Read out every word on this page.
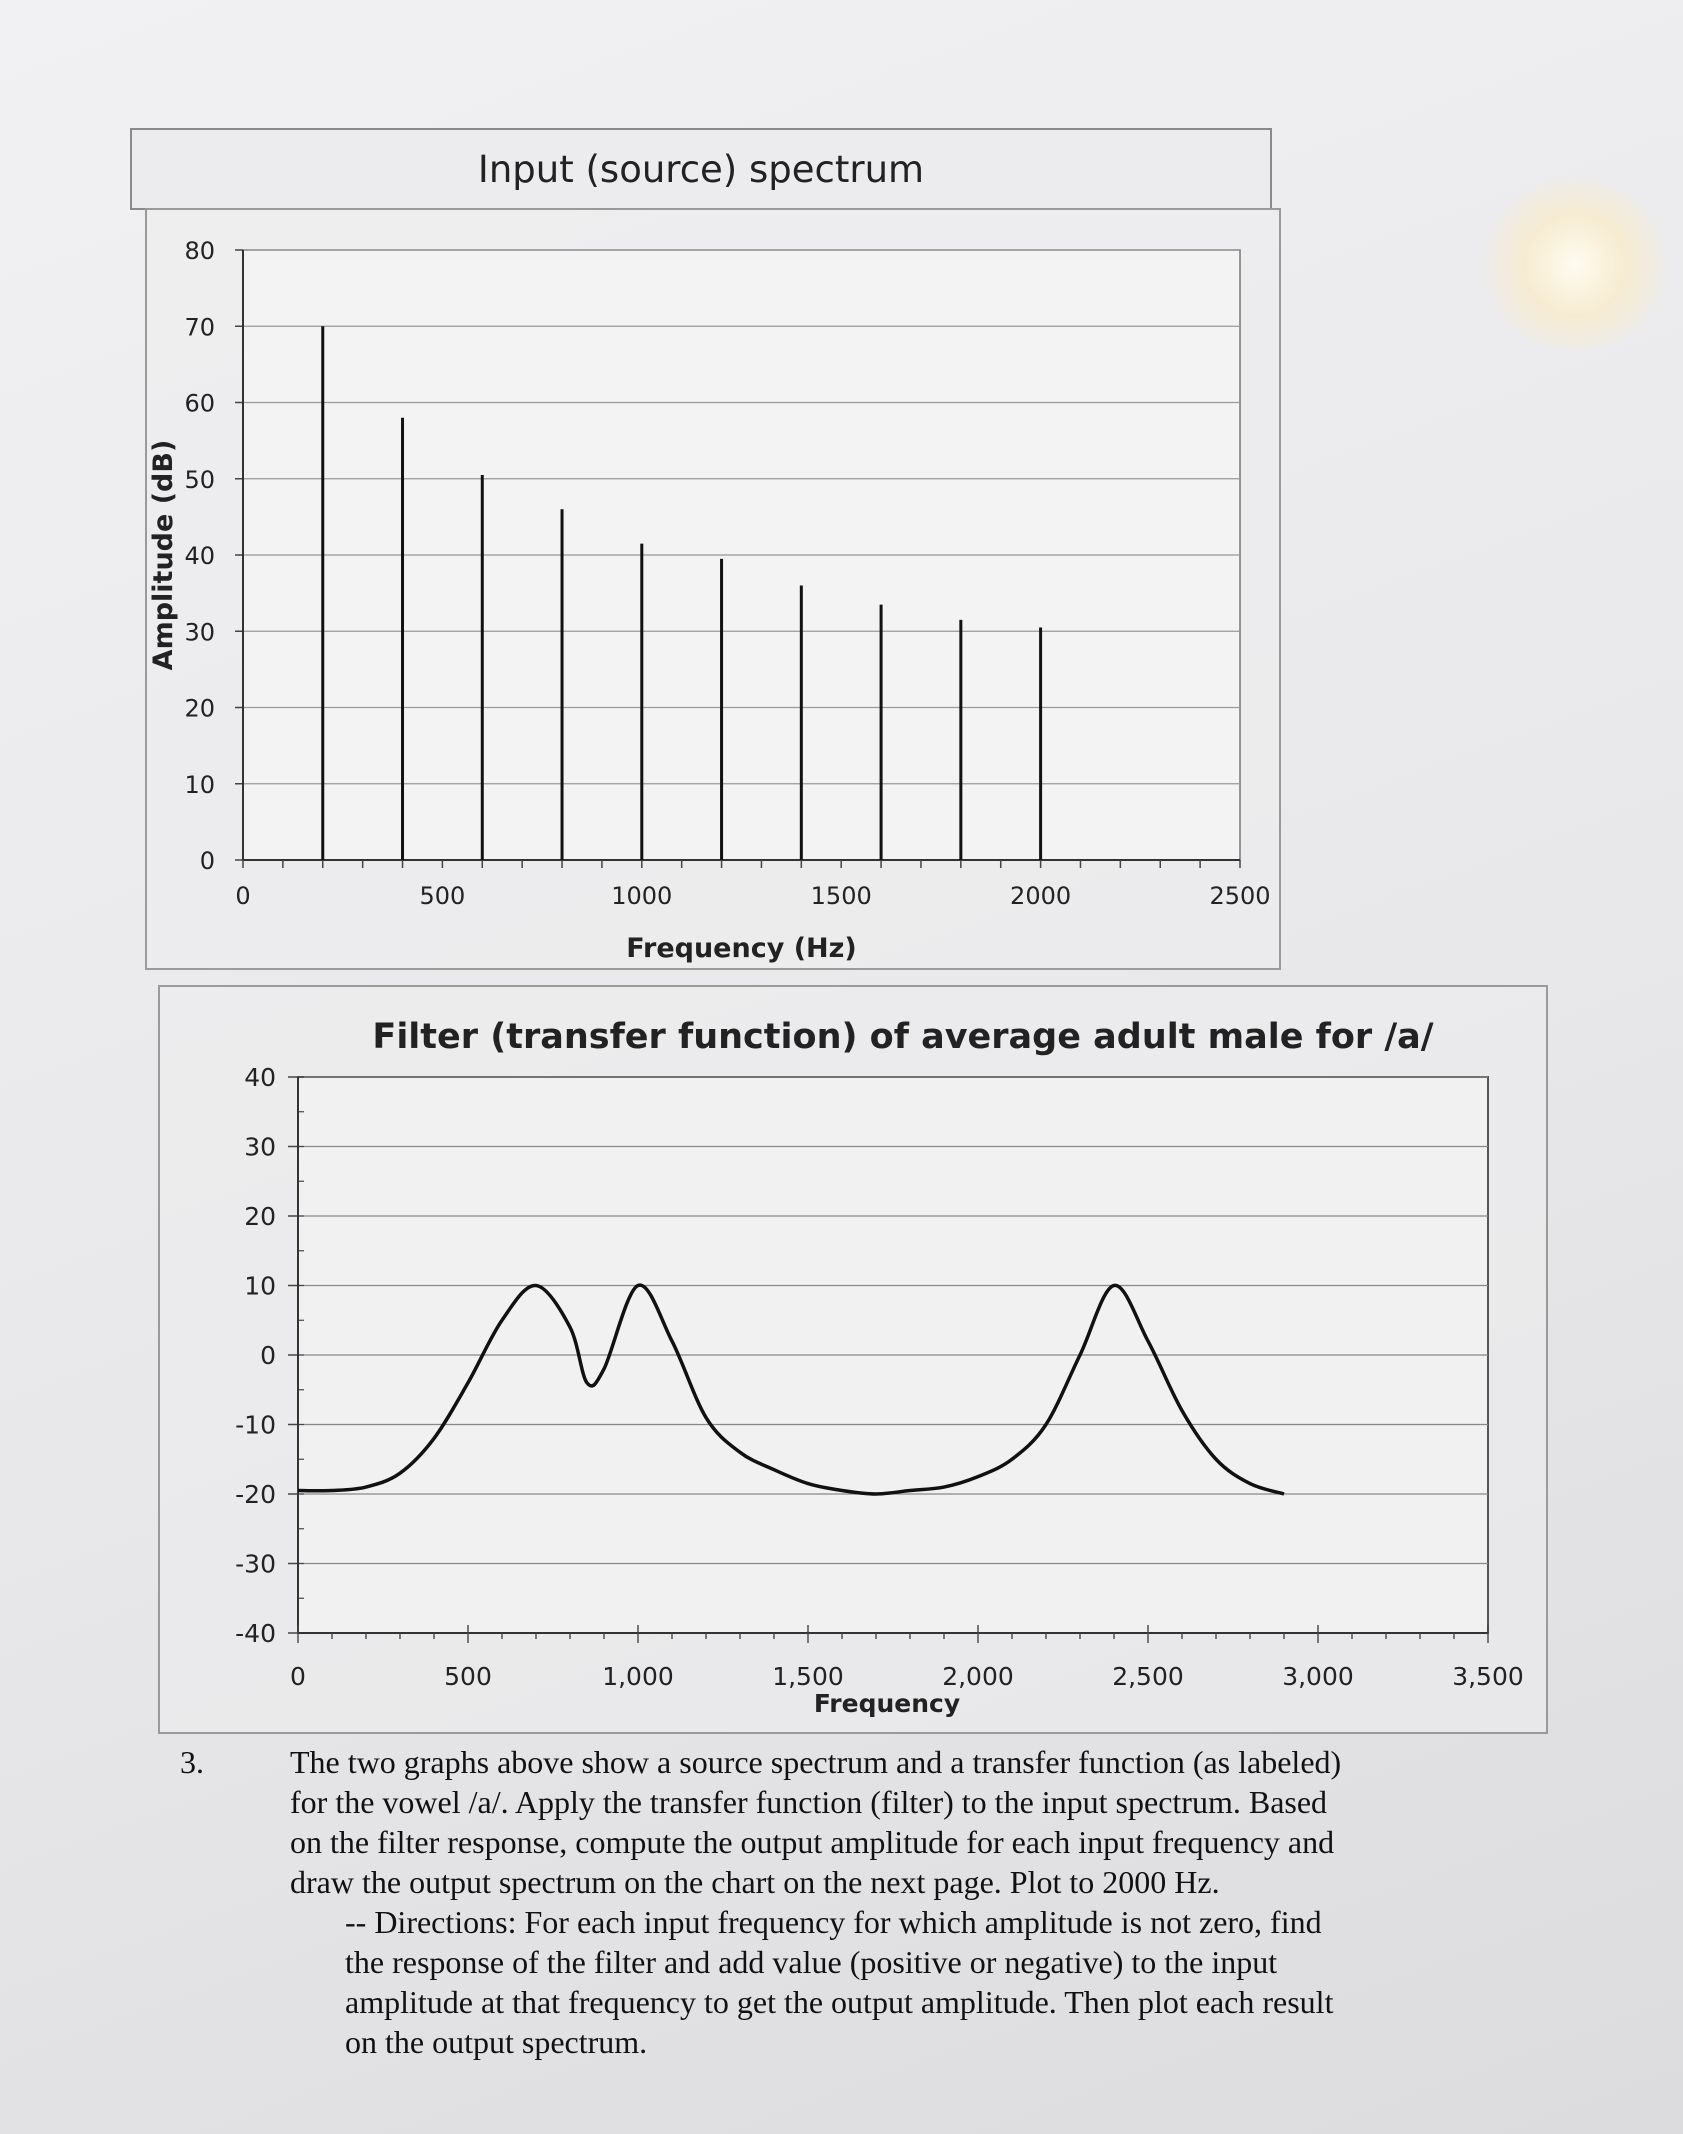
Input (source) spectrum
0
10
20
30
40
50
60
70
80
0	500	1000	1500	2000	2500
Frequency (Hz)
Amplitude (dB)
Filter (transfer function) of average adult male for /a/
-40
-30
-20
-10
0
10
20
30
40
0	500	1,000	1,500	2,000	2,500	3,000	3,500
Frequency
3.	The two graphs above show a source spectrum and a transfer function (as labeled)
for the vowel /a/. Apply the transfer function (filter) to the input spectrum. Based
on the filter response, compute the output amplitude for each input frequency and
draw the output spectrum on the chart on the next page. Plot to 2000 Hz.
-- Directions: For each input frequency for which amplitude is not zero, find
the response of the filter and add value (positive or negative) to the input
amplitude at that frequency to get the output amplitude. Then plot each result
on the output spectrum.
